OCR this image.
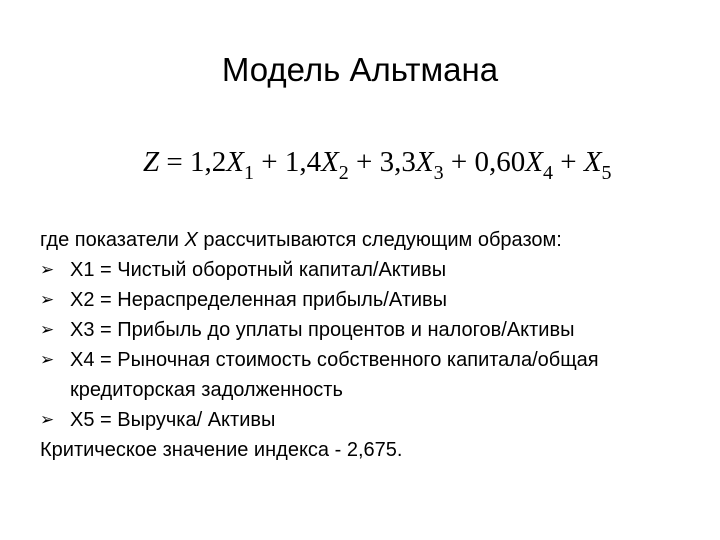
Модель Альтмана
$Z = 1,2X_1 + 1,4X_2 + 3,3X_3 + 0,60X_4 + X_5$
где показатели X рассчитываются следующим образом:
➢ Х1 = Чистый оборотный капитал/Активы
➢ Х2 = Нераспределенная прибыль/Ативы
➢ Х3 = Прибыль до уплаты процентов и налогов/Активы
➢ Х4 = Рыночная стоимость собственного капитала/общая кредиторская задолженность
➢ Х5 = Выручка/ Активы
Критическое значение индекса - 2,675.
